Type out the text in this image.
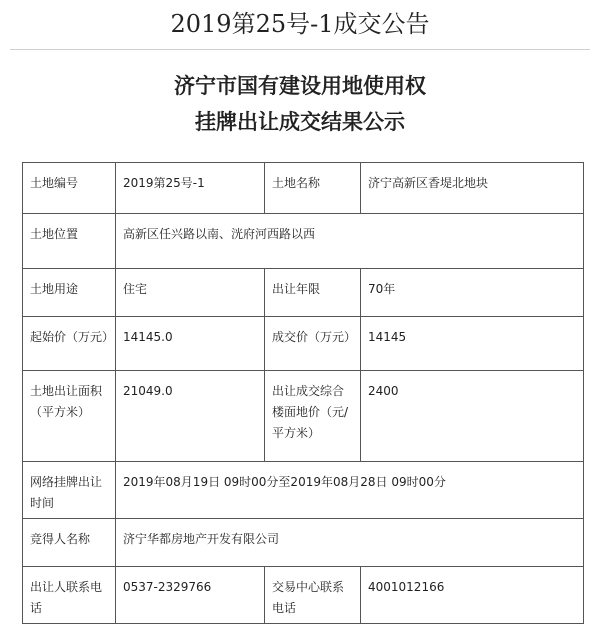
2019第25号-1成交公告
济宁市国有建设用地使用权
挂牌出让成交结果公示
土地编号	2019第25号-1	土地名称	济宁高新区香堤北地块
土地位置	高新区任兴路以南、洸府河西路以西		
土地用途	住宅	出让年限	70年
起始价（万元）	14145.0	成交价（万元）	14145
土地出让面积（平方米）	21049.0	出让成交综合楼面地价（元/平方米）	2400
网络挂牌出让时间	2019年08月19日 09时00分至2019年08月28日 09时00分		
竞得人名称	济宁华都房地产开发有限公司		
出让人联系电话	0537-2329766	交易中心联系电话	4001012166
